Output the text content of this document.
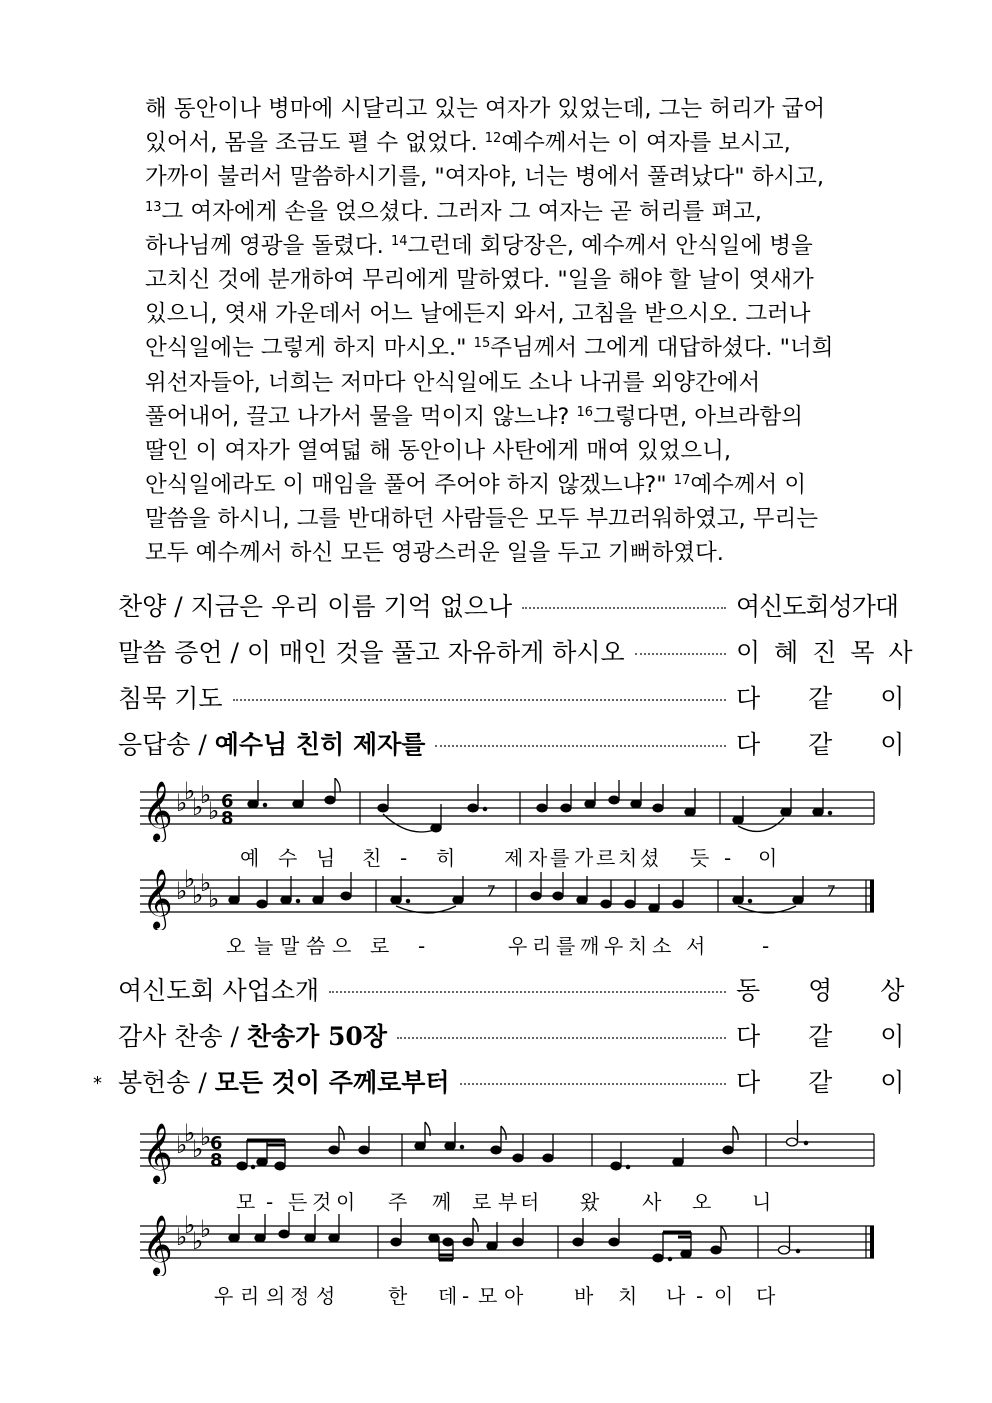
해 동안이나 병마에 시달리고 있는 여자가 있었는데, 그는 허리가 굽어
있어서, 몸을 조금도 펼 수 없었다. $^{12}$예수께서는 이 여자를 보시고,
가까이 불러서 말씀하시기를, "여자야, 너는 병에서 풀려났다" 하시고,
$^{13}$그 여자에게 손을 얹으셨다. 그러자 그 여자는 곧 허리를 펴고,
하나님께 영광을 돌렸다. $^{14}$그런데 회당장은, 예수께서 안식일에 병을
고치신 것에 분개하여 무리에게 말하였다. "일을 해야 할 날이 엿새가
있으니, 엿새 가운데서 어느 날에든지 와서, 고침을 받으시오. 그러나
안식일에는 그렇게 하지 마시오." $^{15}$주님께서 그에게 대답하셨다. "너희
위선자들아, 너희는 저마다 안식일에도 소나 나귀를 외양간에서
풀어내어, 끌고 나가서 물을 먹이지 않느냐? $^{16}$그렇다면, 아브라함의
딸인 이 여자가 열여덟 해 동안이나 사탄에게 매여 있었으니,
안식일에라도 이 매임을 풀어 주어야 하지 않겠느냐?" $^{17}$예수께서 이
말씀을 하시니, 그를 반대하던 사람들은 모두 부끄러워하였고, 무리는
모두 예수께서 하신 모든 영광스러운 일을 두고 기뻐하였다.
찬양 / 지금은 우리 이름 기억 없으나	여신도회성가대
말씀 증언 / 이 매인 것을 풀고 자유하게 하시오	이 혜 진 목 사
침묵 기도	다 같 이
응답송 / 예수님 친히 제자를	다 같 이
𝄞 ♭
♭
♭
♭
♭ 6
8
예 수 님 친 - 히 제 자 를 가 르 치 셨 듯 - 이
𝄞 ♭
♭
♭
♭
♭
오 늘 말 씀 으 로 -	우 리 를 깨 우 치 소 서	-
여신도회 사업소개	동 영 상
감사 찬송 / 찬송가 50장	다 같 이
* 봉헌송 / 모든 것이 주께로부터	다 같 이
𝄞 ♭
♭
♭
♭
6
8
모 - 든 것 이 주 께 로 부 터 왔 사 오 니
𝄞 ♭
♭
♭
♭
우 리 의 정 성	한 데 - 모 아	바 치 나 - 이 다
